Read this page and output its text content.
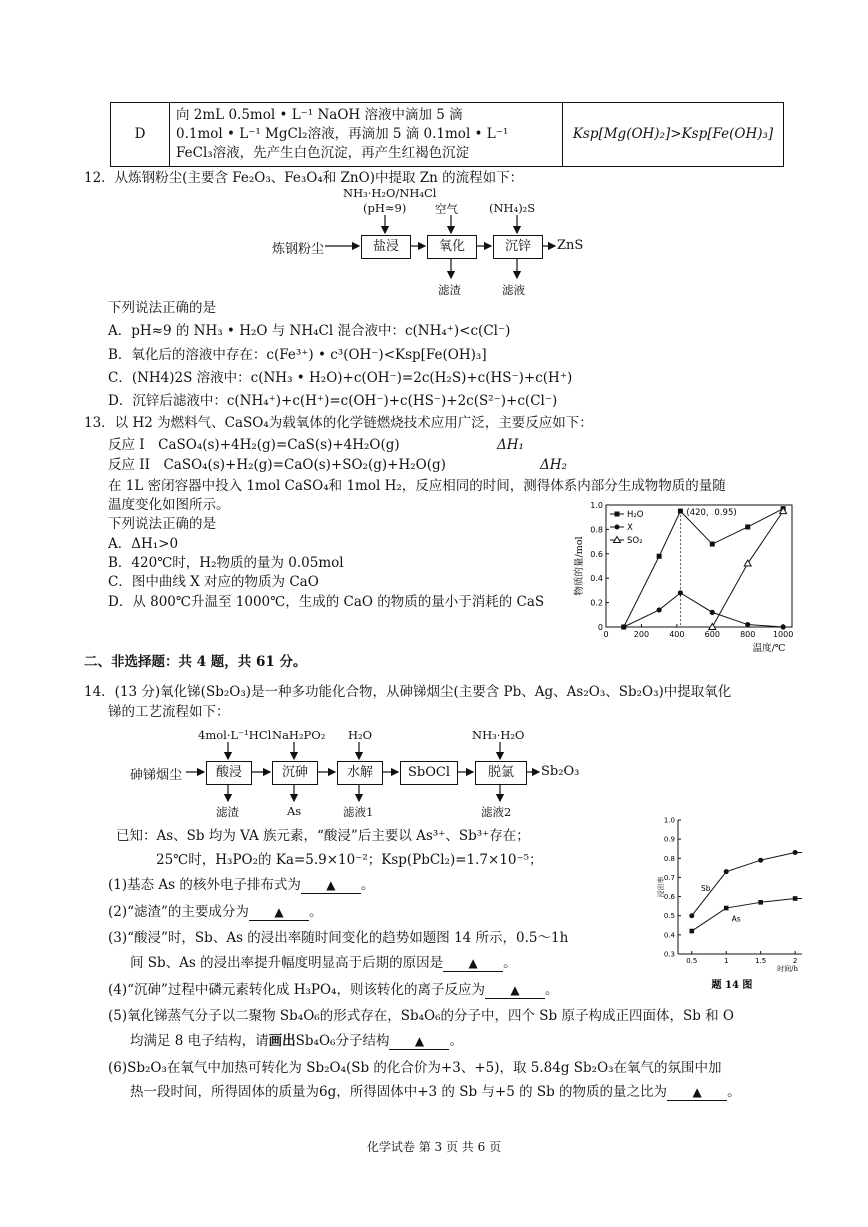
D	
向 2mL 0.5mol • L⁻¹ NaOH 溶液中滴加 5 滴
0.1mol • L⁻¹ MgCl₂溶液，再滴加 5 滴 0.1mol • L⁻¹
FeCl₃溶液，先产生白色沉淀，再产生红褐色沉淀
	Ksp[Mg(OH)₂]>Ksp[Fe(OH)₃]
12．从炼钢粉尘(主要含 Fe₂O₃、Fe₃O₄和 ZnO)中提取 Zn 的流程如下：
NH₃·H₂O/NH₄Cl
(pH≈9) 空气	(NH₄)₂S
炼钢粉尘	盐浸	氧化	沉锌	ZnS
滤渣	滤液
下列说法正确的是
A．pH≈9 的 NH₃ • H₂O 与 NH₄Cl 混合液中：c(NH₄⁺)<c(Cl⁻)
B．氧化后的溶液中存在：c(Fe³⁺) • c³(OH⁻)<Ksp[Fe(OH)₃]
C．(NH4)2S 溶液中：c(NH₃ • H₂O)+c(OH⁻)=2c(H₂S)+c(HS⁻)+c(H⁺)
D．沉锌后滤液中：c(NH₄⁺)+c(H⁺)=c(OH⁻)+c(HS⁻)+2c(S²⁻)+c(Cl⁻)
13．以 H2 为燃料气、CaSO₄为载氧体的化学链燃烧技术应用广泛，主要反应如下：
反应 I　CaSO₄(s)+4H₂(g)=CaS(s)+4H₂O(g)	ΔH₁
反应 II　CaSO₄(s)+H₂(g)=CaO(s)+SO₂(g)+H₂O(g)	ΔH₂
在 1L 密闭容器中投入 1mol CaSO₄和 1mol H₂，反应相同的时间，测得体系内部分生成物物质的量随
温度变化如图所示。
下列说法正确的是
A．ΔH₁>0
B．420℃时，H₂物质的量为 0.05mol
C．图中曲线 X 对应的物质为 CaO
D．从 800℃升温至 1000℃，生成的 CaO 的物质的量小于消耗的 CaS
0	200	400	600	800 1000
0
0.2
0.4
0.6
0.8
1.0
温度/℃
物质的量/mol
(420，0.95)
H₂O
X
SO₂
二、非选择题：共 4 题，共 61 分。
14．(13 分)氧化锑(Sb₂O₃)是一种多功能化合物，从砷锑烟尘(主要含 Pb、Ag、As₂O₃、Sb₂O₃)中提取氧化
锑的工艺流程如下：
4mol·L⁻¹HCl NaH₂PO₂ H₂O	NH₃·H₂O
砷锑烟尘	酸浸	沉砷	水解	SbOCl	脱氯	Sb₂O₃
滤渣	As	滤液1	滤液2
已知：As、Sb 均为 VA 族元素，“酸浸”后主要以 As³⁺、Sb³⁺存在；
25℃时，H₃PO₂的 Ka=5.9×10⁻²；Ksp(PbCl₂)=1.7×10⁻⁵；
(1)基态 As 的核外电子排布式为 ▲ 。
(2)“滤渣”的主要成分为 ▲ 。
(3)“酸浸”时，Sb、As 的浸出率随时间变化的趋势如题图 14 所示，0.5～1h
间 Sb、As 的浸出率提升幅度明显高于后期的原因是 ▲ 。
(4)“沉砷”过程中磷元素转化成 H₃PO₄，则该转化的离子反应为 ▲ 。
(5)氧化锑蒸气分子以二聚物 Sb₄O₆的形式存在，Sb₄O₆的分子中，四个 Sb 原子构成正四面体，Sb 和 O
均满足 8 电子结构，请画出Sb₄O₆分子结构 ▲ 。
(6)Sb₂O₃在氧气中加热可转化为 Sb₂O₄(Sb 的化合价为+3、+5)，取 5.84g Sb₂O₃在氧气的氛围中加
热一段时间，所得固体的质量为6g，所得固体中+3 的 Sb 与+5 的 Sb 的物质的量之比为 ▲ 。
0.5	1	1.5	2
0.3
0.4
0.5
0.6
0.7
0.8
0.9
1.0
时间/h
浸出率
题 14 图
Sb
As
化学试卷 第 3 页 共 6 页
